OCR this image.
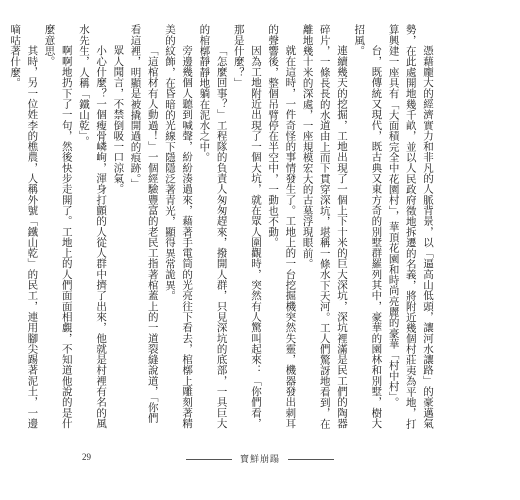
憑藉龐大的經濟實力和非凡的人脈背景，以「逼高山低頭，讓河水讓路」的豪邁氣勢，在此處開地幾千畝，並以人民政府徵地拆遷的名義，將附近幾個村莊夷為平地，打算興建一座具有「大面積完全中花園村」，華頂花園和時尚亮麗的豪華「村中村」。

台，既傳統又現代，既古典又東方奇的別墅群羅列其中，豪華的園林和別墅，樹大招風。

連續幾天的挖掘，工地出現了一個上下十米的巨大深坑，深坑裡滿是民工們的陶器碎片，一條長長的水道由上而下貫穿深坑，堪稱一條水下天河。工人們驚訝地看到，在離地幾十米的深處，一座規模宏大的古墓浮現眼前。

就在這時，一件奇怪的事情發生了。工地上的一台挖掘機突然失靈，機器發出刺耳的聲響後，整個吊臂停在半空中，一動也不動。

因為工地附近出現了一個大坑，就在眾人圍觀時，突然有人驚叫起來：「你們看，那是什麼？」

「怎麼回事？」工程隊的負責人匆匆趕來，撥開人群，只見深坑的底部，一具巨大的棺槨靜靜地躺在泥水之中。

旁邊幾個人聽到喊聲，紛紛湊過來，藉著手電筒的光亮往下看去，棺槨上雕刻著精美的紋飾，在昏暗的光線下隱隱泛著青光，顯得異常詭異。

「這棺材有人動過！」一個經驗豐富的老民工指著棺蓋上的一道裂縫說道，「你們看這裡，明顯是被撬開過的痕跡。」

眾人聞言，不禁倒吸一口涼氣。

小心什麼？一個瘦骨嶙峋，渾身打顫的人從人群中擠了出來，他就是村裡有名的風水先生，人稱「鐵山乾」。

啊啊地扔下了一句，然後快步走開了。工地上的人們面面相覷，不知道他說的是什麼意思。

其時，另一位姓李的樵農，人稱外號「鐵山乾」的民工，連用腳尖踢著泥土，一邊嘀咕著什麼。

29	寶鮮崩蹋
